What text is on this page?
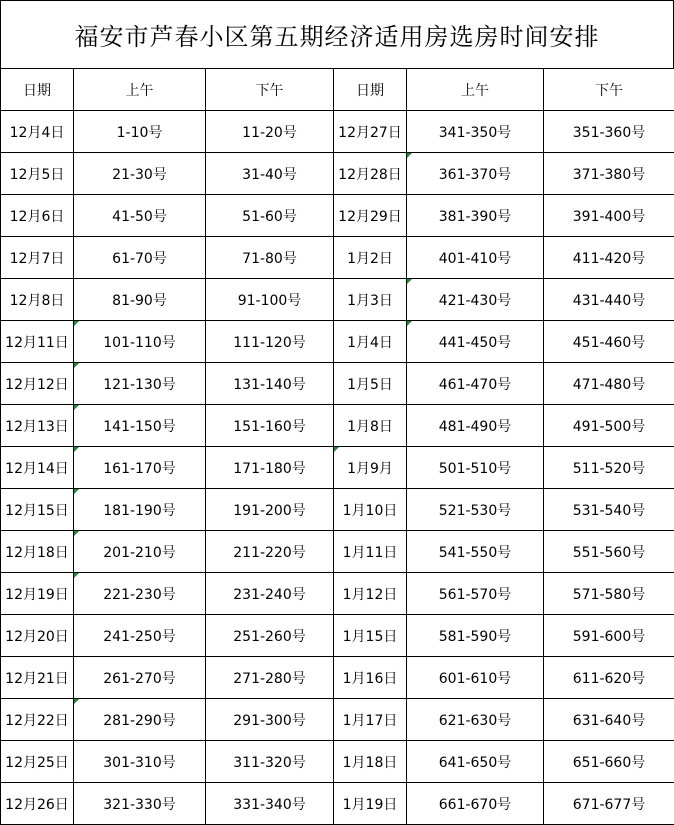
福安市芦春小区第五期经济适用房选房时间安排
日期	上午	下午	日期	上午	下午
12月4日	1-10号	11-20号	12月27日	341-350号	351-360号
12月5日	21-30号	31-40号	12月28日	361-370号	371-380号
12月6日	41-50号	51-60号	12月29日	381-390号	391-400号
12月7日	61-70号	71-80号	1月2日	401-410号	411-420号
12月8日	81-90号	91-100号	1月3日	421-430号	431-440号
12月11日	101-110号	111-120号	1月4日	441-450号	451-460号
12月12日	121-130号	131-140号	1月5日	461-470号	471-480号
12月13日	141-150号	151-160号	1月8日	481-490号	491-500号
12月14日	161-170号	171-180号	1月9月	501-510号	511-520号
12月15日	181-190号	191-200号	1月10日	521-530号	531-540号
12月18日	201-210号	211-220号	1月11日	541-550号	551-560号
12月19日	221-230号	231-240号	1月12日	561-570号	571-580号
12月20日	241-250号	251-260号	1月15日	581-590号	591-600号
12月21日	261-270号	271-280号	1月16日	601-610号	611-620号
12月22日	281-290号	291-300号	1月17日	621-630号	631-640号
12月25日	301-310号	311-320号	1月18日	641-650号	651-660号
12月26日	321-330号	331-340号	1月19日	661-670号	671-677号
